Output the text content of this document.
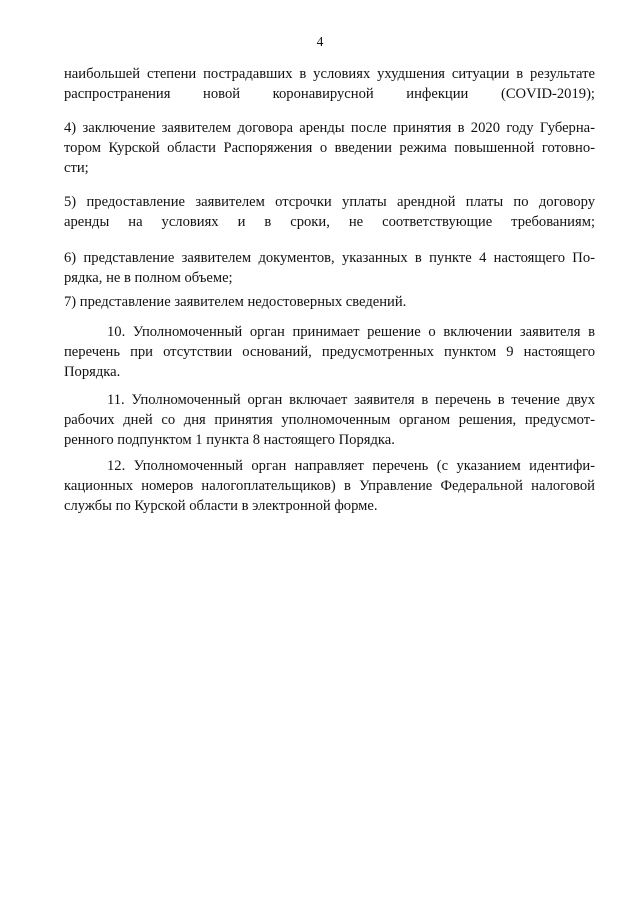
4
наибольшей степени пострадавших в условиях ухудшения ситуации в результате
распространения новой коронавирусной инфекции (COVID-2019);
4) заключение заявителем договора аренды после принятия в 2020 году Губерна-
тором Курской области Распоряжения о введении режима повышенной готовно-
сти;
5) предоставление заявителем отсрочки уплаты арендной платы по договору
аренды на условиях и в сроки, не соответствующие требованиям;
6) представление заявителем документов, указанных в пункте 4 настоящего По-
рядка, не в полном объеме;
7) представление заявителем недостоверных сведений.
10. Уполномоченный орган принимает решение о включении заявителя в
перечень при отсутствии оснований, предусмотренных пунктом 9 настоящего
Порядка.
11. Уполномоченный орган включает заявителя в перечень в течение двух
рабочих дней со дня принятия уполномоченным органом решения, предусмот-
ренного подпунктом 1 пункта 8 настоящего Порядка.
12. Уполномоченный орган направляет перечень (с указанием идентифи-
кационных номеров налогоплательщиков) в Управление Федеральной налоговой
службы по Курской области в электронной форме.
